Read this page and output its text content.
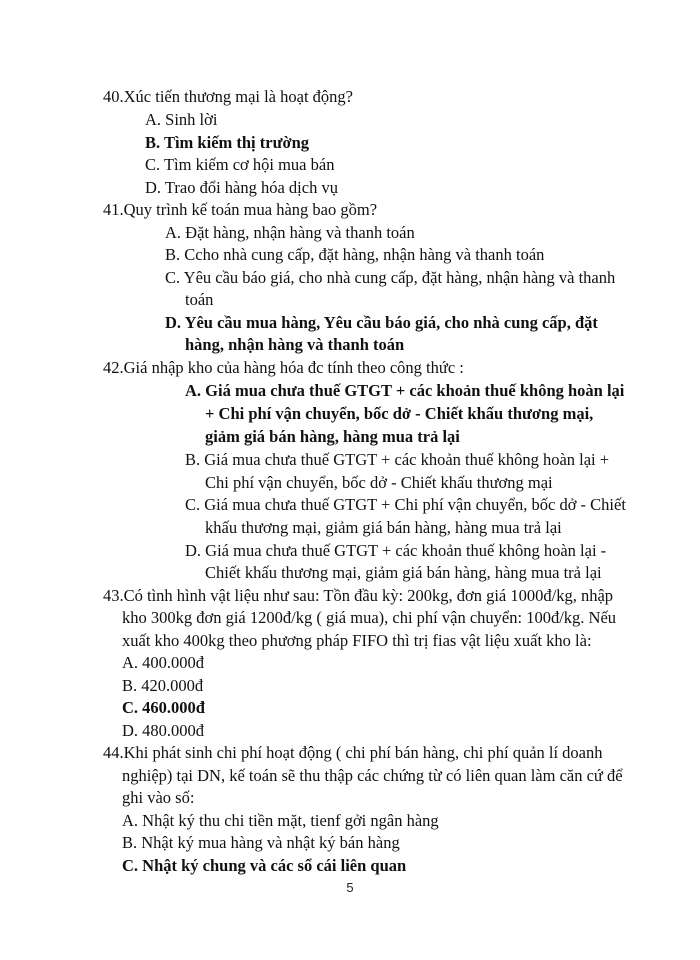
40.Xúc tiến thương mại là hoạt động?
A. Sinh lời
B. Tìm kiếm thị trường
C. Tìm kiếm cơ hội mua bán
D. Trao đổi hàng hóa dịch vụ
41.Quy trình kế toán mua hàng bao gồm?
A. Đặt hàng, nhận hàng và thanh toán
B. Ccho nhà cung cấp, đặt hàng, nhận hàng và thanh toán
C. Yêu cầu báo giá, cho nhà cung cấp, đặt hàng, nhận hàng và thanh
toán
D. Yêu cầu mua hàng, Yêu cầu báo giá, cho nhà cung cấp, đặt
hàng, nhận hàng và thanh toán
42.Giá nhập kho của hàng hóa đc tính theo công thức :
A. Giá mua chưa thuế GTGT + các khoản thuế không hoàn lại
+ Chi phí vận chuyển, bốc dở - Chiết khấu thương mại,
giảm giá bán hàng, hàng mua trả lại
B. Giá mua chưa thuế GTGT + các khoản thuế không hoàn lại +
Chi phí vận chuyển, bốc dở - Chiết khấu thương mại
C. Giá mua chưa thuế GTGT + Chi phí vận chuyển, bốc dở - Chiết
khấu thương mại, giảm giá bán hàng, hàng mua trả lại
D. Giá mua chưa thuế GTGT + các khoản thuế không hoàn lại -
Chiết khấu thương mại, giảm giá bán hàng, hàng mua trả lại
43.Có tình hình vật liệu như sau: Tồn đầu kỳ: 200kg, đơn giá 1000đ/kg, nhập
kho 300kg đơn giá 1200đ/kg ( giá mua), chi phí vận chuyển: 100đ/kg. Nếu
xuất kho 400kg theo phương pháp FIFO thì trị fias vật liệu xuất kho là:
A. 400.000đ
B. 420.000đ
C. 460.000đ
D. 480.000đ
44.Khi phát sinh chi phí hoạt động ( chi phí bán hàng, chi phí quản lí doanh
nghiệp) tại DN, kế toán sẽ thu thập các chứng từ có liên quan làm căn cứ để
ghi vào số:
A. Nhật ký thu chi tiền mặt, tienf gởi ngân hàng
B. Nhật ký mua hàng và nhật ký bán hàng
C. Nhật ký chung và các sổ cái liên quan
5
